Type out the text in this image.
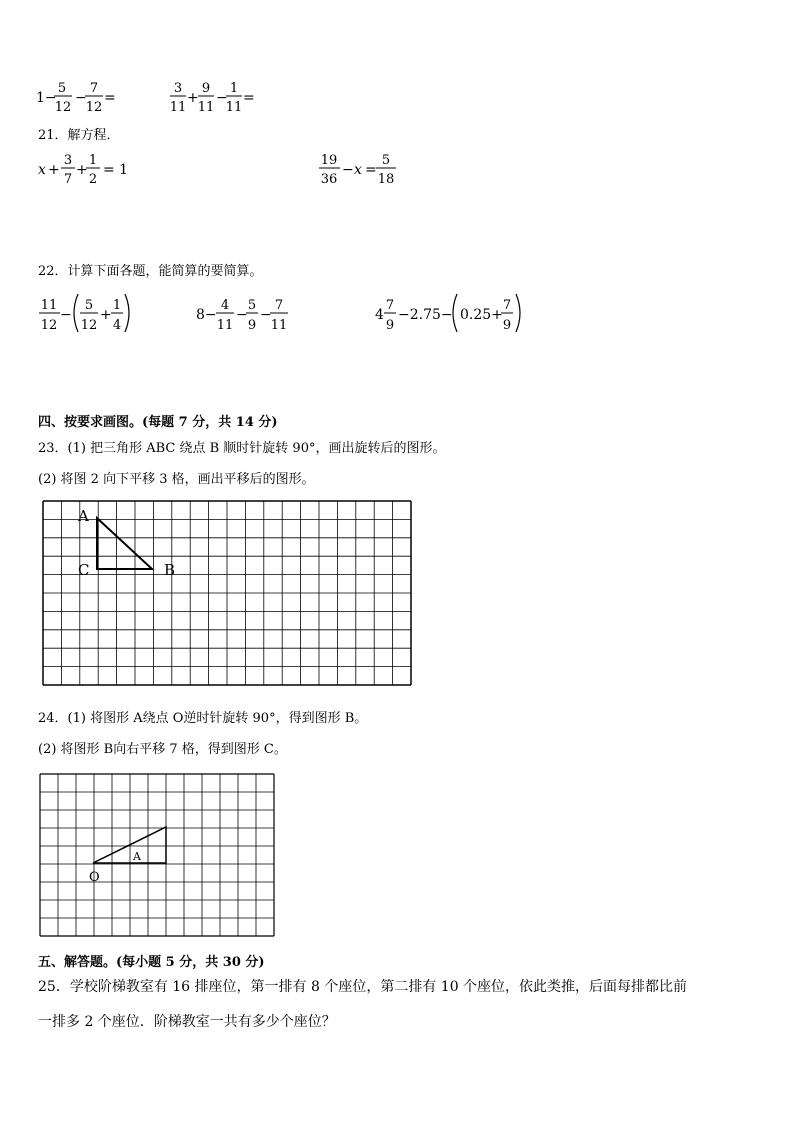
1−
5
12
−
7
12
=
3
11
+
9
11
−
1
11
=
21．解方程．
x +
3
7
+
1
2
= 1
19
36
− x =
5
18
22．计算下面各题，能简算的要简算。
11
12
−
5
12
+
1
4
8−
4
11
−
5
9
−
7
11
4
7
9
−2.75− 0.25+
7
9
四、按要求画图。(每题 7 分，共 14 分)
23．(1) 把三角形 ABC 绕点 B 顺时针旋转 90°，画出旋转后的图形。
(2) 将图 2 向下平移 3 格，画出平移后的图形。
A
C	B
24．(1) 将图形 A绕点 O逆时针旋转 90°，得到图形 B。
(2) 将图形 B向右平移 7 格，得到图形 C。
A
O
五、解答题。(每小题 5 分，共 30 分)
25．学校阶梯教室有 16 排座位，第一排有 8 个座位，第二排有 10 个座位，依此类推，后面每排都比前
一排多 2 个座位．阶梯教室一共有多少个座位？
